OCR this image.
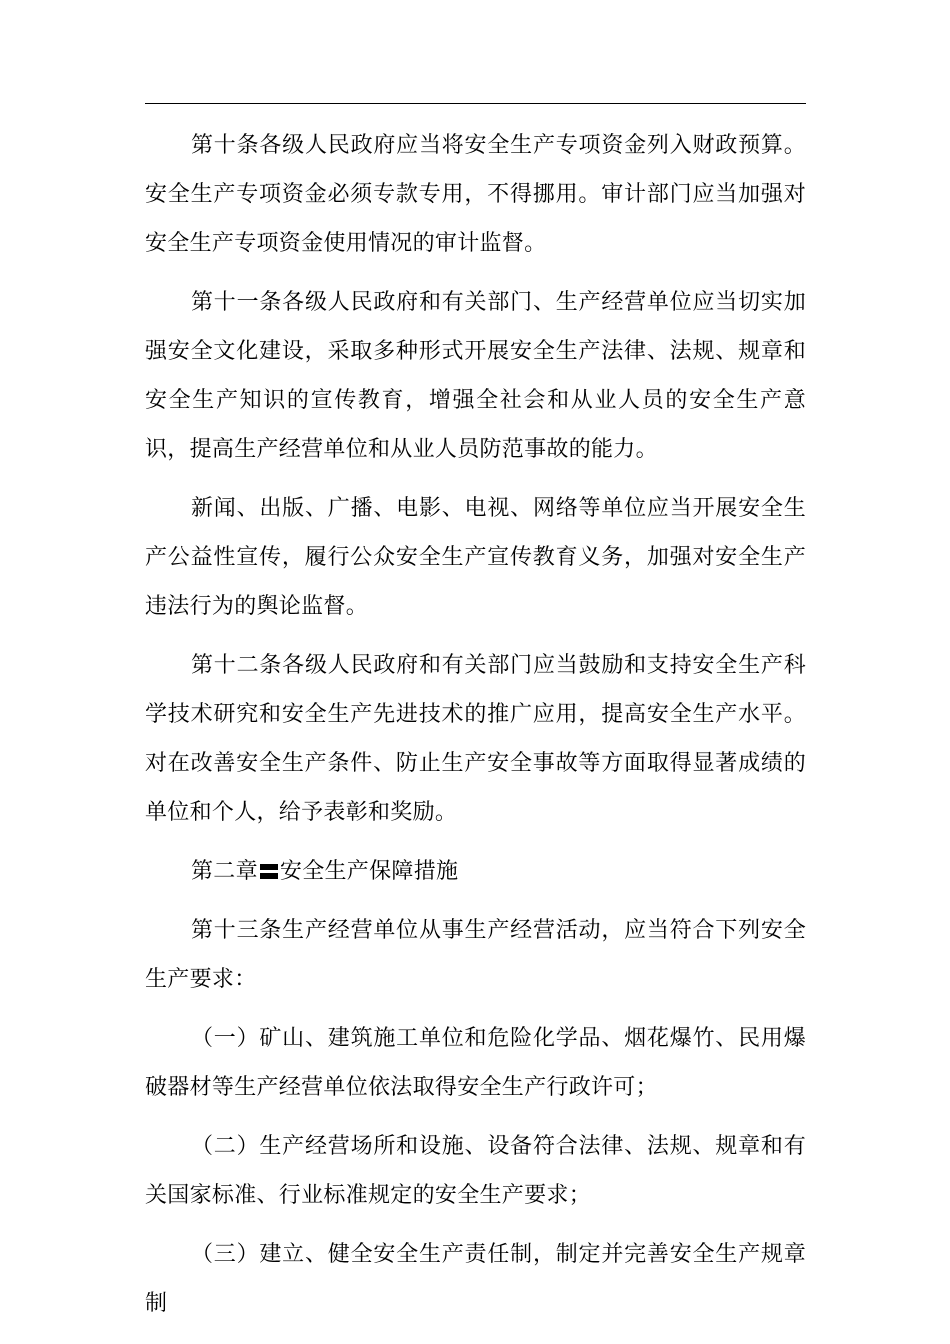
第十条各级人民政府应当将安全生产专项资金列入财政预算。安全生产专项资金必须专款专用，不得挪用。审计部门应当加强对安全生产专项资金使用情况的审计监督。

第十一条各级人民政府和有关部门、生产经营单位应当切实加强安全文化建设，采取多种形式开展安全生产法律、法规、规章和安全生产知识的宣传教育，增强全社会和从业人员的安全生产意识，提高生产经营单位和从业人员防范事故的能力。

新闻、出版、广播、电影、电视、网络等单位应当开展安全生产公益性宣传，履行公众安全生产宣传教育义务，加强对安全生产违法行为的舆论监督。

第十二条各级人民政府和有关部门应当鼓励和支持安全生产科学技术研究和安全生产先进技术的推广应用，提高安全生产水平。对在改善安全生产条件、防止生产安全事故等方面取得显著成绩的单位和个人，给予表彰和奖励。

第二章 安全生产保障措施

第十三条生产经营单位从事生产经营活动，应当符合下列安全生产要求：

（一）矿山、建筑施工单位和危险化学品、烟花爆竹、民用爆破器材等生产经营单位依法取得安全生产行政许可；

（二）生产经营场所和设施、设备符合法律、法规、规章和有关国家标准、行业标准规定的安全生产要求；

（三）建立、健全安全生产责任制，制定并完善安全生产规章制
